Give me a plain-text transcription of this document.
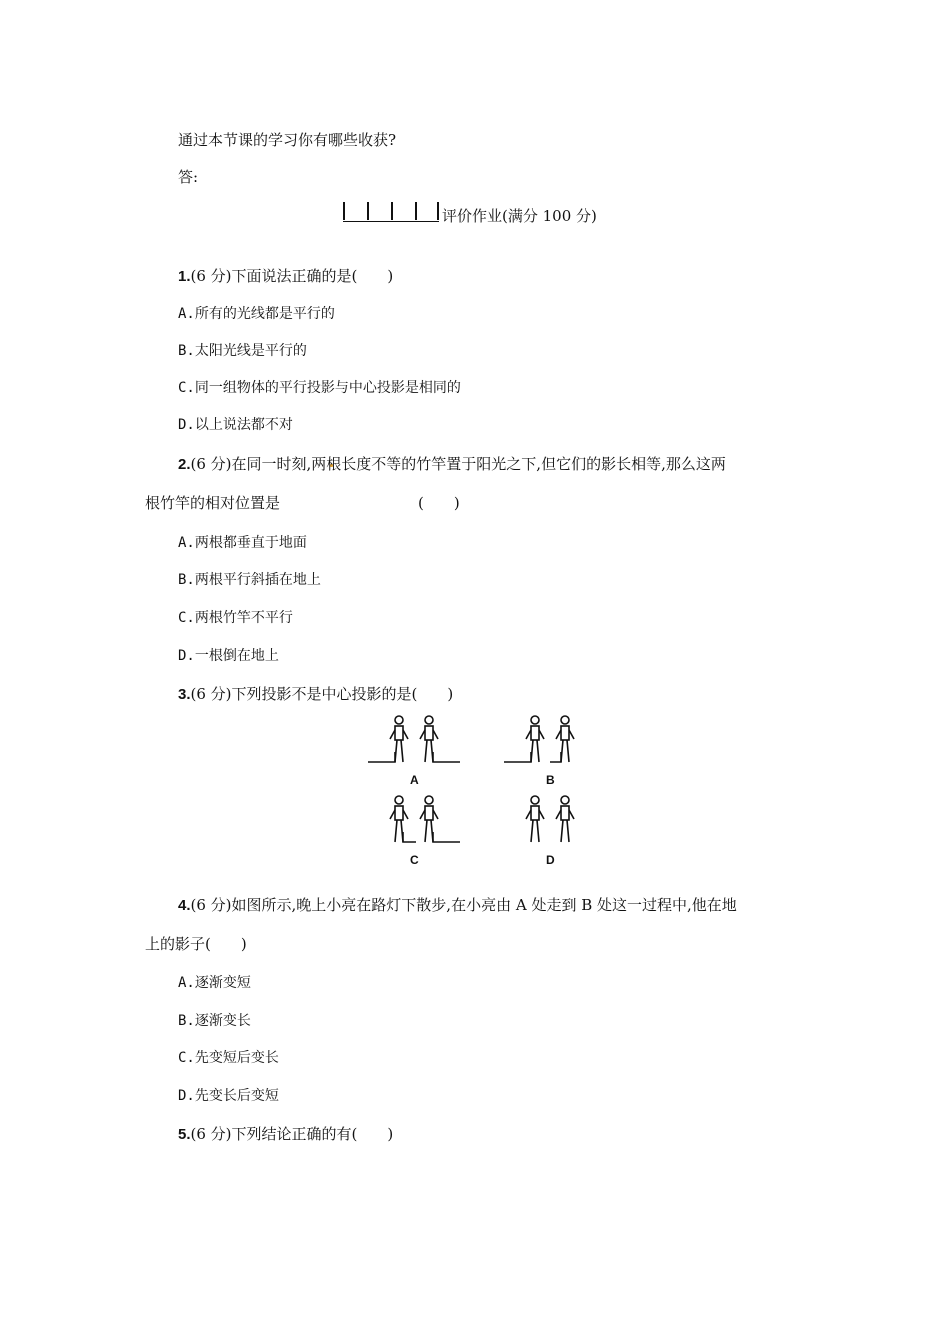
通过本节课的学习你有哪些收获?
答:
评价作业(满分 100 分)
1.(6 分)下面说法正确的是(　　)
A.所有的光线都是平行的
B.太阳光线是平行的
C.同一组物体的平行投影与中心投影是相同的
D.以上说法都不对
2.(6 分)在同一时刻,两根长度不等的竹竿置于阳光之下,但它们的影长相等,那么这两
根竹竿的相对位置是	(　　)
A.两根都垂直于地面
B.两根平行斜插在地上
C.两根竹竿不平行
D.一根倒在地上
3.(6 分)下列投影不是中心投影的是(　　)
A	B
C	D
4.(6 分)如图所示,晚上小亮在路灯下散步,在小亮由 A 处走到 B 处这一过程中,他在地
上的影子(　　)
A.逐渐变短
B.逐渐变长
C.先变短后变长
D.先变长后变短
5.(6 分)下列结论正确的有(　　)
